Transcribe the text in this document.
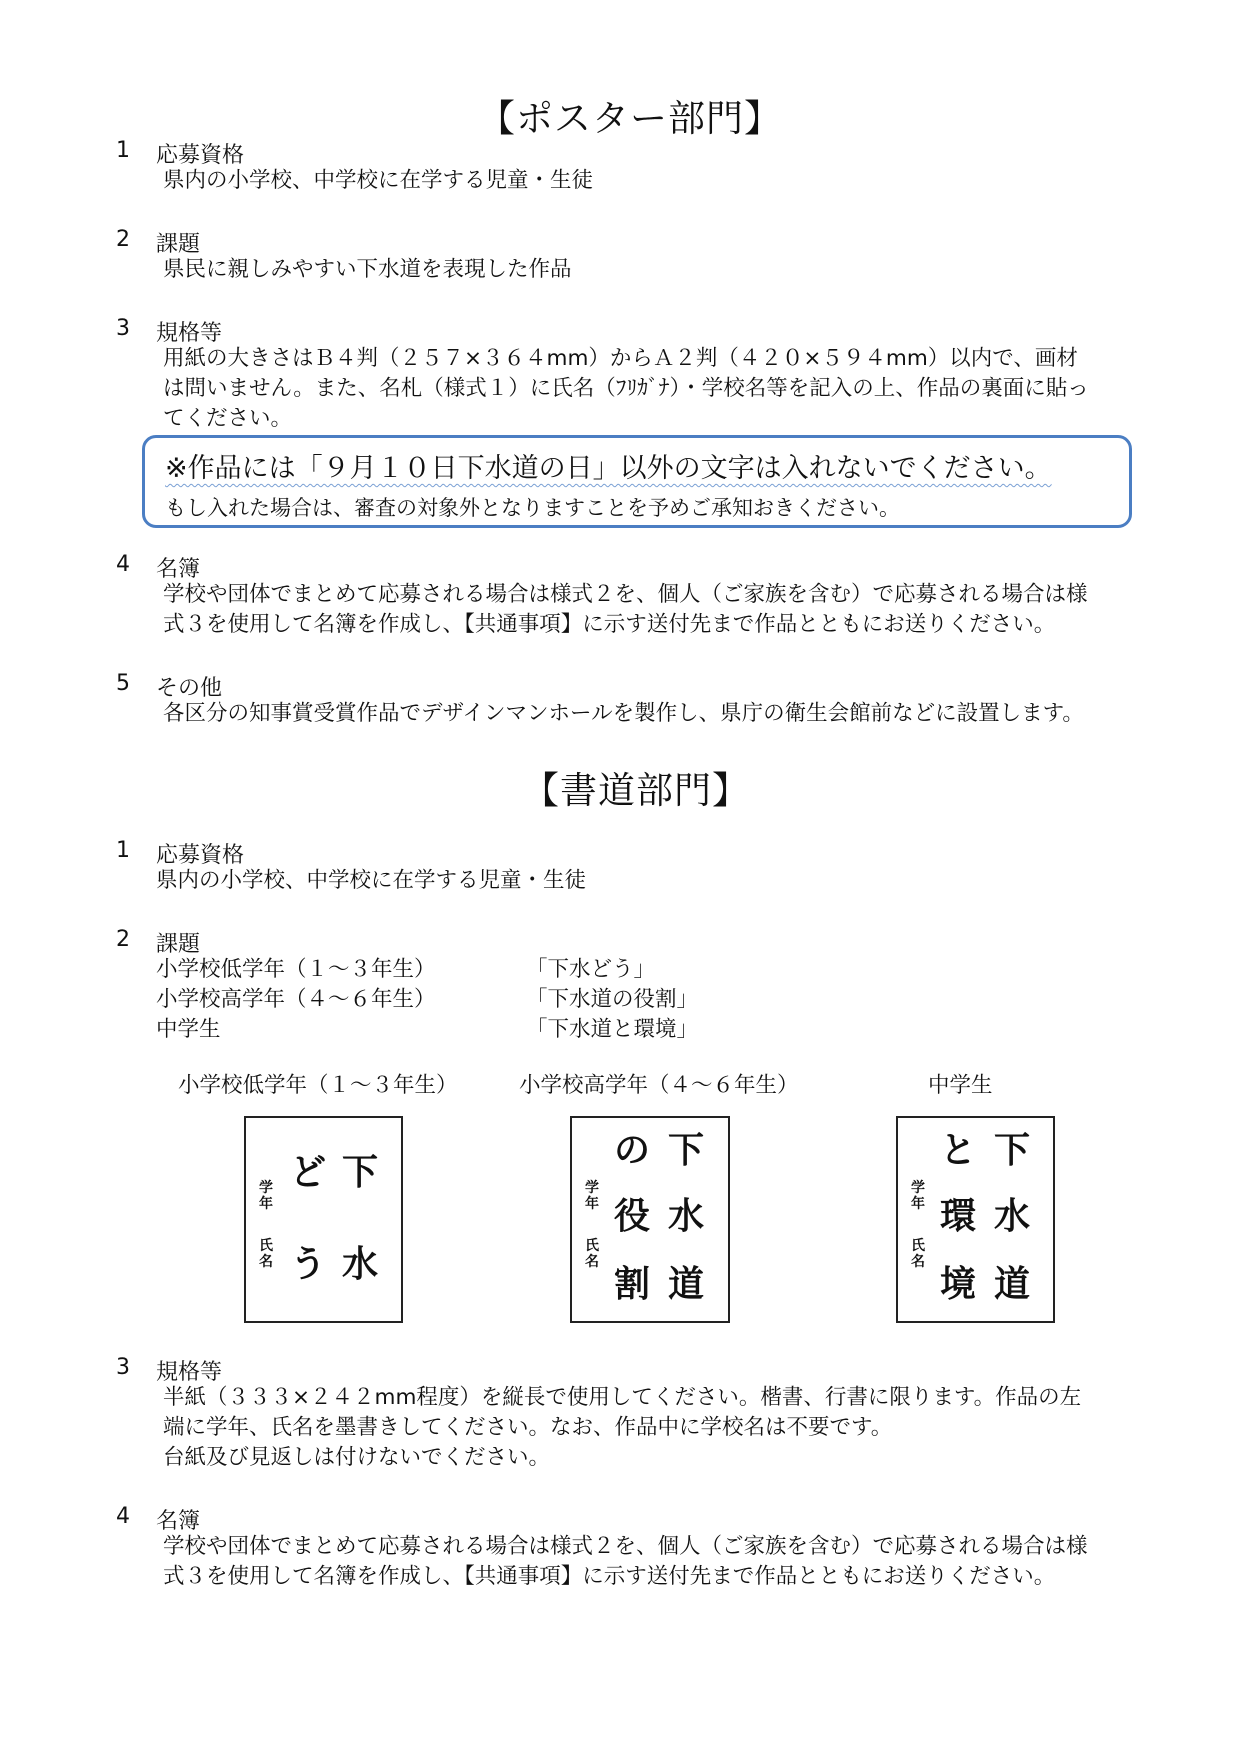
【ポスター部門】
1 応募資格
県内の小学校、中学校に在学する児童・生徒
2 課題
県民に親しみやすい下水道を表現した作品
3 規格等
用紙の大きさはＢ４判（２５７×３６４mm）からＡ２判（４２０×５９４mm）以内で、画材
は問いません。また、名札（様式１）に氏名（ﾌﾘｶﾞﾅ）・学校名等を記入の上、作品の裏面に貼っ
てください。
※作品には「９月１０日下水道の日」以外の文字は入れないでください。
もし入れた場合は、審査の対象外となりますことを予めご承知おきください。
4 名簿
学校や団体でまとめて応募される場合は様式２を、個人（ご家族を含む）で応募される場合は様
式３を使用して名簿を作成し、【共通事項】に示す送付先まで作品とともにお送りください。
5 その他
各区分の知事賞受賞作品でデザインマンホールを製作し、県庁の衛生会館前などに設置します。
【書道部門】
1 応募資格
県内の小学校、中学校に在学する児童・生徒
2 課題
小学校低学年（１～３年生）	「下水どう」
小学校高学年（４～６年生）	「下水道の役割」
中学生	「下水道と環境」
小学校低学年（１～３年生）	小学校高学年（４～６年生）	中学生
下
水
ど
う
学
年
氏
名
下
水
道
の
役
割
学
年
氏
名
下
水
道
と
環
境
学
年
氏
名
3 規格等
半紙（３３３×２４２mm程度）を縦長で使用してください。楷書、行書に限ります。作品の左
端に学年、氏名を墨書きしてください。なお、作品中に学校名は不要です。
台紙及び見返しは付けないでください。
4 名簿
学校や団体でまとめて応募される場合は様式２を、個人（ご家族を含む）で応募される場合は様
式３を使用して名簿を作成し、【共通事項】に示す送付先まで作品とともにお送りください。
